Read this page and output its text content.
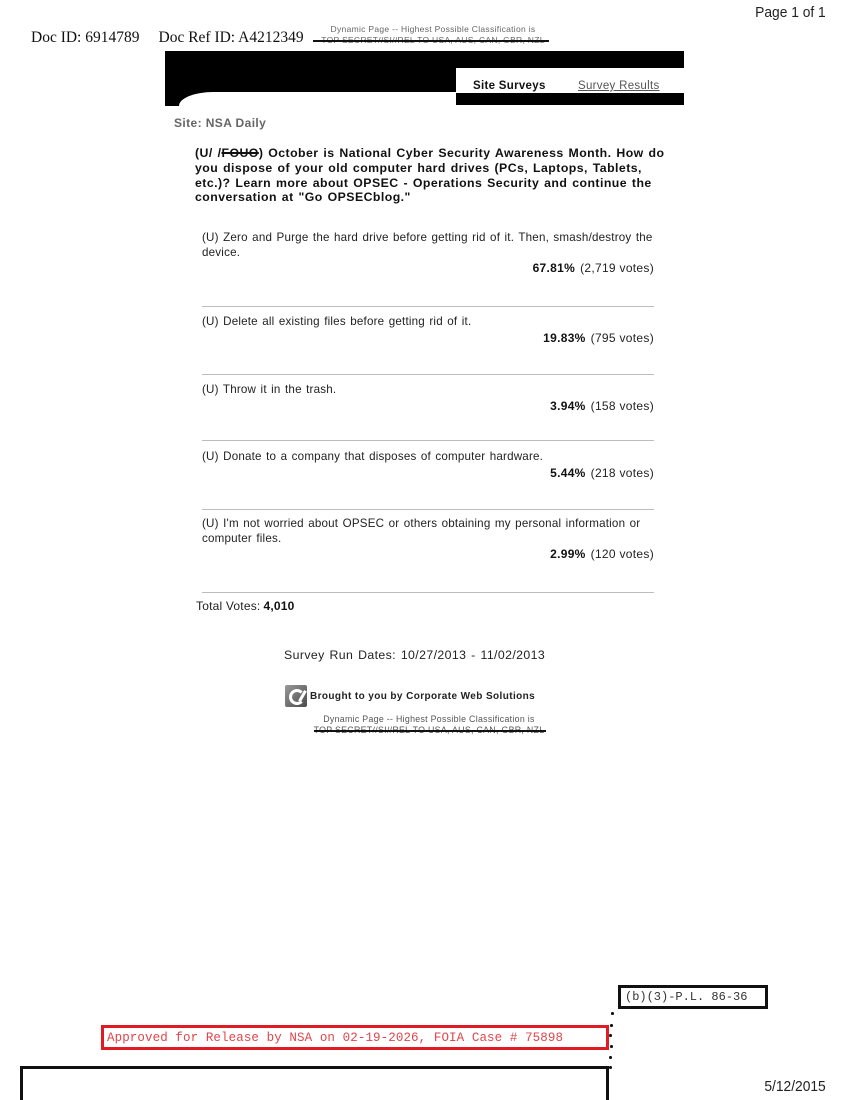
Page 1 of 1
Doc ID: 6914789 Doc Ref ID: A4212349	Dynamic Page -- Highest Possible Classification is
Site Surveys	Survey Results
Site: NSA Daily
(U/ /FOUO) October is National Cyber Security Awareness Month. How do you dispose of your old computer hard drives (PCs, Laptops, Tablets, etc.)? Learn more about OPSEC - Operations Security and continue the conversation at "Go OPSECblog."
(U) Zero and Purge the hard drive before getting rid of it. Then, smash/destroy the device.
67.81% (2,719 votes)
(U) Delete all existing files before getting rid of it.
19.83% (795 votes)
(U) Throw it in the trash.
3.94% (158 votes)
(U) Donate to a company that disposes of computer hardware.
5.44% (218 votes)
(U) I'm not worried about OPSEC or others obtaining my personal information or computer files.
2.99% (120 votes)
Total Votes: 4,010
Survey Run Dates: 10/27/2013 - 11/02/2013
Brought to you by Corporate Web Solutions
Dynamic Page -- Highest Possible Classification is
(b)(3)-P.L. 86-36
Approved for Release by NSA on 02-19-2026, FOIA Case # 75898
5/12/2015
